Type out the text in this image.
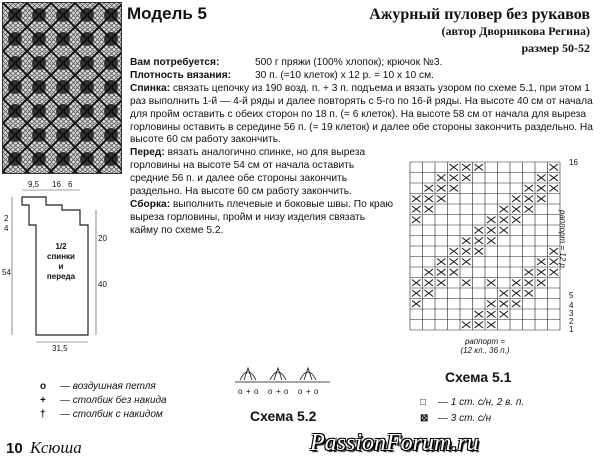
Модель 5	Ажурный пуловер без рукавов
(автор Дворникова Регина)
размер 50-52
Вам потребуется:	500 г пряжи (100% хлопок); крючок №3.
Плотность вязания:	30 п. (=10 клеток) х 12 р. = 10 х 10 см.

Спинка: связать цепочку из 190 возд. п. + 3 п. подъема и вязать узором по схеме 5.1, при этом 1 раз выполнить 1-й — 4-й ряды и далее повторять с 5-го по 16-й ряды. На высоте 40 см от начала для пройм оставить с обеих сторон по 18 п. (= 6 клеток). На высоте 58 см от начала для выреза горловины оставить в середине 56 п. (= 19 клеток) и далее обе стороны закончить раздельно. На высоте 60 см работу закончить.

Перед: вязать аналогично спинке, но для выреза горловины на высоте 54 см от начала оставить средние 56 п. и далее обе стороны закончить раздельно. На высоте 60 см работу закончить.

Сборка: выполнить плечевые и боковые швы. По краю выреза горловины, пройм и низу изделия связать кайму по схеме 5.2.

9,5 16 6
2
4
54
20
40
31,5
1/2
спинки
и
переда
16
5
4
3
2
1
раппорт = 12 р.
раппорт =
(12 кл., 36 п.)
Схема 5.1
o + o o + o o + o
Схема 5.2
o — воздушная петля
+ — столбик без накида
† — столбик с накидом
□ — 1 ст. с/н, 2 в. п.
⊠ — 3 ст. с/н
10 Ксюша	PassionForum.ru
